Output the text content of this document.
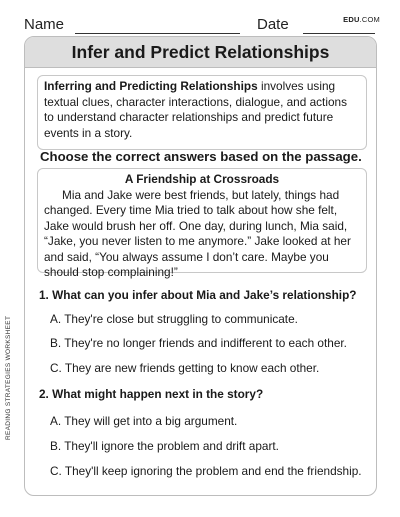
Name	Date	EDU.COM
Infer and Predict Relationships
Inferring and Predicting Relationships involves using textual clues, character interactions, dialogue, and actions to understand character relationships and predict future events in a story.
Choose the correct answers based on the passage.
A Friendship at Crossroads
Mia and Jake were best friends, but lately, things had changed. Every time Mia tried to talk about how she felt, Jake would brush her off. One day, during lunch, Mia said, “Jake, you never listen to me anymore.” Jake looked at her and said, “You always assume I don’t care. Maybe you should stop complaining!”
1. What can you infer about Mia and Jake’s relationship?
A. They're close but struggling to communicate.
B. They're no longer friends and indifferent to each other.
C. They are new friends getting to know each other.
2. What might happen next in the story?
A. They will get into a big argument.
B. They'll ignore the problem and drift apart.
C. They'll keep ignoring the problem and end the friendship.
READING STRATEGIES WORKSHEET
